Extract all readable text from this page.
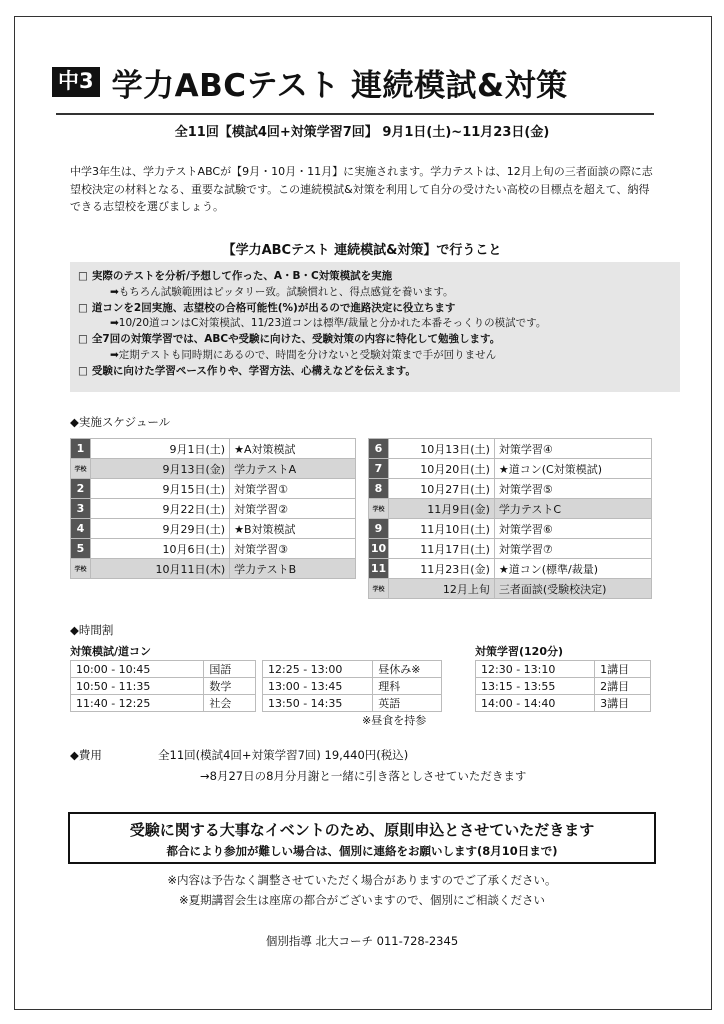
中3 学力ABCテスト 連続模試&対策
全11回【模試4回+対策学習7回】 9月1日(土)~11月23日(金)
中学3年生は、学力テストABCが【9月・10月・11月】に実施されます。学力テストは、12月上旬の三者面談の際に志望校決定の材料となる、重要な試験です。この連続模試&対策を利用して自分の受けたい高校の目標点を超えて、納得できる志望校を選びましょう。
【学力ABCテスト 連続模試&対策】で行うこと
□ 実際のテストを分析/予想して作った、A・B・C対策模試を実施
➡もちろん試験範囲はピッタリー致。試験慣れと、得点感覚を養います。
□ 道コンを2回実施、志望校の合格可能性(%)が出るので進路決定に役立ちます
➡10/20道コンはC対策模試、11/23道コンは標準/裁量と分かれた本番そっくりの模試です。
□ 全7回の対策学習では、ABCや受験に向けた、受験対策の内容に特化して勉強します。
➡定期テストも同時期にあるので、時間を分けないと受験対策まで手が回りません
□ 受験に向けた学習ペース作りや、学習方法、心構えなどを伝えます。
◆実施スケジュール
1	9月1日(土)	★A対策模試
学校	9月13日(金)	学力テストA
2	9月15日(土)	対策学習①
3	9月22日(土)	対策学習②
4	9月29日(土)	★B対策模試
5	10月6日(土)	対策学習③
学校	10月11日(木)	学力テストB
6	10月13日(土)	対策学習④
7	10月20日(土)	★道コン(C対策模試)
8	10月27日(土)	対策学習⑤
学校	11月9日(金)	学力テストC
9	11月10日(土)	対策学習⑥
10	11月17日(土)	対策学習⑦
11	11月23日(金)	★道コン(標準/裁量)
学校	12月上旬	三者面談(受験校決定)
◆時間割
対策模試/道コン	対策学習(120分)
10:00 - 10:45	国語
10:50 - 11:35	数学
11:40 - 12:25	社会
12:25 - 13:00	昼休み※
13:00 - 13:45	理科
13:50 - 14:35	英語
12:30 - 13:10	1講目
13:15 - 13:55	2講目
14:00 - 14:40	3講目
※昼食を持参
◆費用	全11回(模試4回+対策学習7回) 19,440円(税込)
→8月27日の8月分月謝と一緒に引き落としさせていただきます
受験に関する大事なイベントのため、原則申込とさせていただきます
都合により参加が難しい場合は、個別に連絡をお願いします(8月10日まで)
※内容は予告なく調整させていただく場合がありますのでご了承ください。
※夏期講習会生は座席の都合がございますので、個別にご相談ください
個別指導 北大コーチ 011-728-2345
